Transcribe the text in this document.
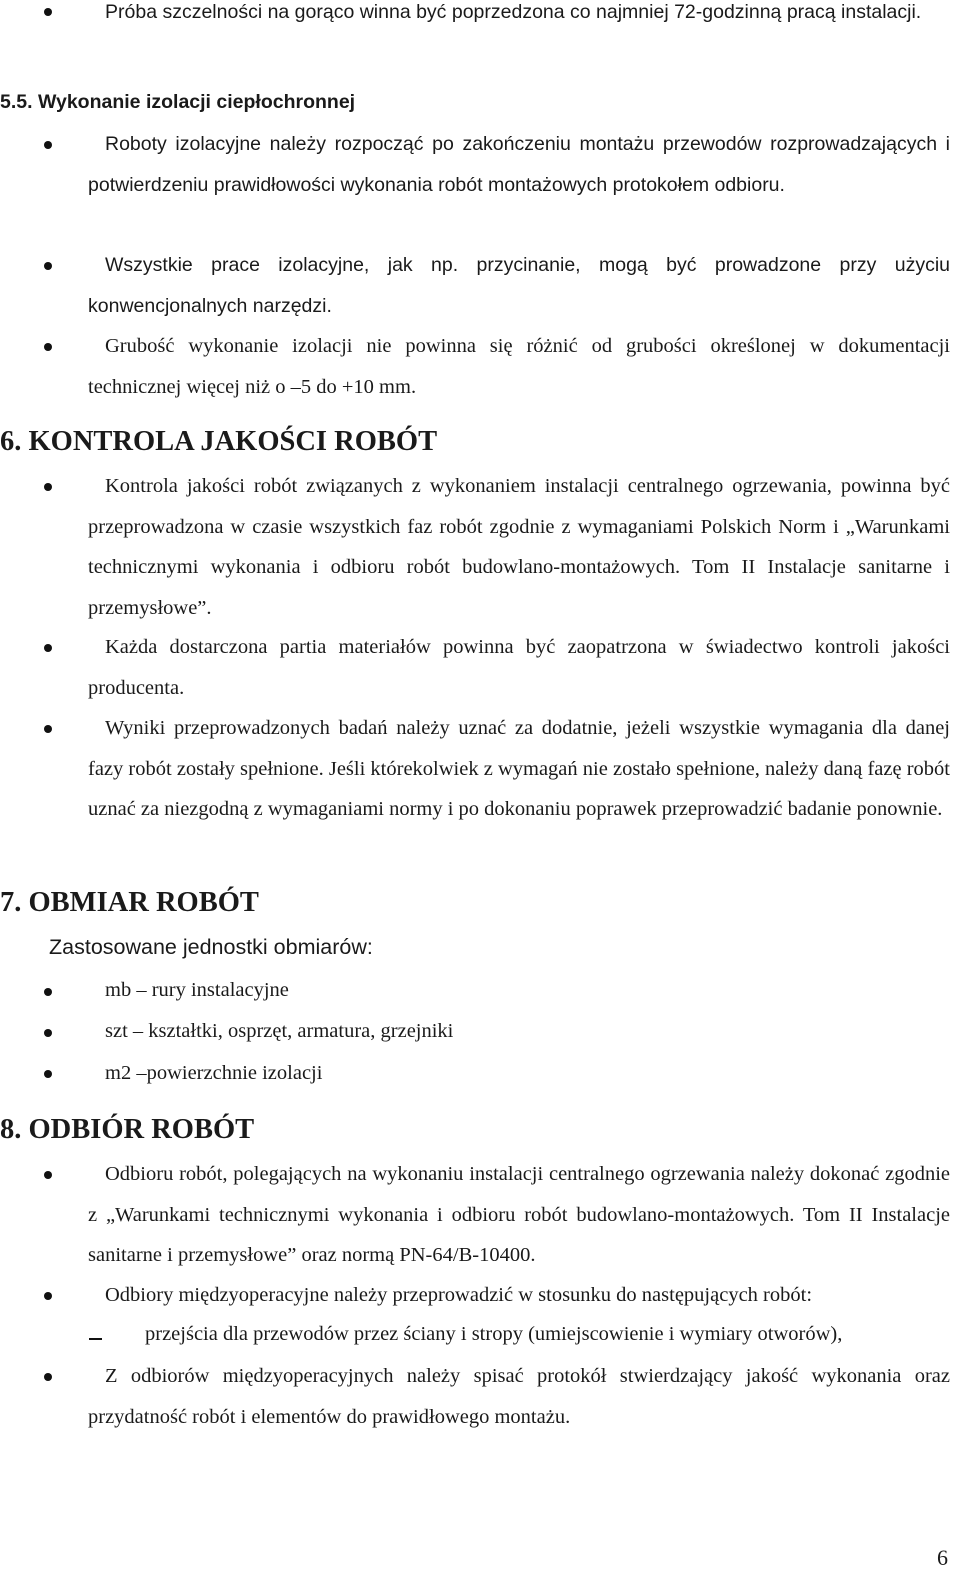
Próba szczelności na gorąco winna być poprzedzona co najmniej 72-godzinną pracą instalacji.

5.5. Wykonanie izolacji ciepłochronnej

Roboty izolacyjne należy rozpocząć po zakończeniu montażu przewodów rozprowadzających i potwierdzeniu prawidłowości wykonania robót montażowych protokołem odbioru.

Wszystkie prace izolacyjne, jak np. przycinanie, mogą być prowadzone przy użyciu konwencjonalnych narzędzi.

Grubość wykonanie izolacji nie powinna się różnić od grubości określonej w dokumentacji technicznej więcej niż o –5 do +10 mm.

6. KONTROLA JAKOŚCI ROBÓT

Kontrola jakości robót związanych z wykonaniem instalacji centralnego ogrzewania, powinna być przeprowadzona w czasie wszystkich faz robót zgodnie z wymaganiami Polskich Norm i „Warunkami technicznymi wykonania i odbioru robót budowlano-montażowych. Tom II Instalacje sanitarne i przemysłowe”.

Każda dostarczona partia materiałów powinna być zaopatrzona w świadectwo kontroli jakości producenta.

Wyniki przeprowadzonych badań należy uznać za dodatnie, jeżeli wszystkie wymagania dla danej fazy robót zostały spełnione. Jeśli którekolwiek z wymagań nie zostało spełnione, należy daną fazę robót uznać za niezgodną z wymaganiami normy i po dokonaniu poprawek przeprowadzić badanie ponownie.

7. OBMIAR ROBÓT
Zastosowane jednostki obmiarów:
mb – rury instalacyjne
szt – kształtki, osprzęt, armatura, grzejniki
m2 –powierzchnie izolacji
8. ODBIÓR ROBÓT

Odbioru robót, polegających na wykonaniu instalacji centralnego ogrzewania należy dokonać zgodnie z „Warunkami technicznymi wykonania i odbioru robót budowlano-montażowych. Tom II Instalacje sanitarne i przemysłowe” oraz normą PN-64/B-10400.

Odbiory międzyoperacyjne należy przeprowadzić w stosunku do następujących robót:

przejścia dla przewodów przez ściany i stropy (umiejscowienie i wymiary otworów),

Z odbiorów międzyoperacyjnych należy spisać protokół stwierdzający jakość wykonania oraz przydatność robót i elementów do prawidłowego montażu.

6
